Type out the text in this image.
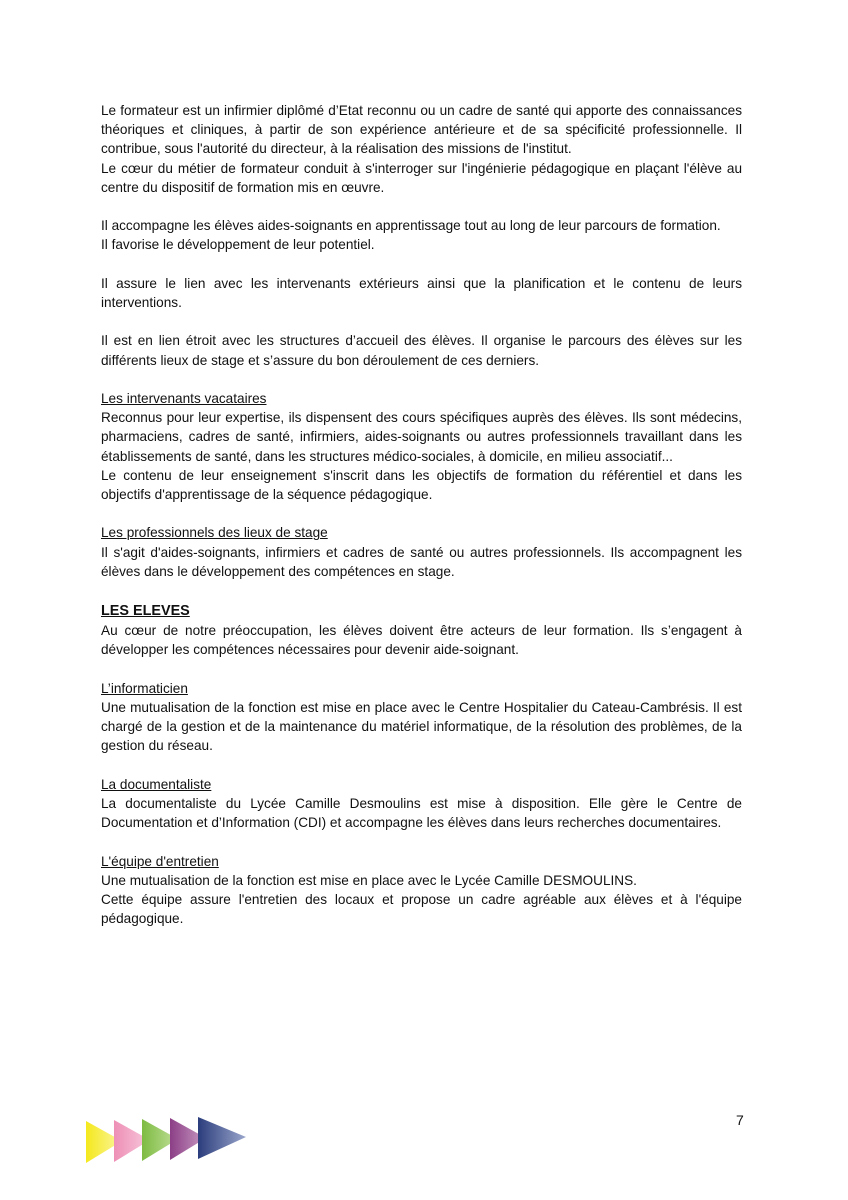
Le formateur est un infirmier diplômé d’Etat reconnu ou un cadre de santé qui apporte des connaissances théoriques et cliniques, à partir de son expérience antérieure et de sa spécificité professionnelle. Il contribue, sous l'autorité du directeur, à la réalisation des missions de l'institut.

Le cœur du métier de formateur conduit à s'interroger sur l'ingénierie pédagogique en plaçant l'élève au centre du dispositif de formation mis en œuvre.

Il accompagne les élèves aides-soignants en apprentissage tout au long de leur parcours de formation.

Il favorise le développement de leur potentiel.

Il assure le lien avec les intervenants extérieurs ainsi que la planification et le contenu de leurs interventions.

Il est en lien étroit avec les structures d’accueil des élèves. Il organise le parcours des élèves sur les différents lieux de stage et s’assure du bon déroulement de ces derniers.

Les intervenants vacataires

Reconnus pour leur expertise, ils dispensent des cours spécifiques auprès des élèves. Ils sont médecins, pharmaciens, cadres de santé, infirmiers, aides-soignants ou autres professionnels travaillant dans les établissements de santé, dans les structures médico-sociales, à domicile, en milieu associatif...

Le contenu de leur enseignement s'inscrit dans les objectifs de formation du référentiel et dans les objectifs d'apprentissage de la séquence pédagogique.

Les professionnels des lieux de stage

Il s'agit d'aides-soignants, infirmiers et cadres de santé ou autres professionnels. Ils accompagnent les élèves dans le développement des compétences en stage.

LES ELEVES

Au cœur de notre préoccupation, les élèves doivent être acteurs de leur formation. Ils s’engagent à développer les compétences nécessaires pour devenir aide-soignant.

L’informaticien

Une mutualisation de la fonction est mise en place avec le Centre Hospitalier du Cateau-Cambrésis. Il est chargé de la gestion et de la maintenance du matériel informatique, de la résolution des problèmes, de la gestion du réseau.

La documentaliste

La documentaliste du Lycée Camille Desmoulins est mise à disposition. Elle gère le Centre de Documentation et d’Information (CDI) et accompagne les élèves dans leurs recherches documentaires.

L'équipe d'entretien

Une mutualisation de la fonction est mise en place avec le Lycée Camille DESMOULINS.

Cette équipe assure l'entretien des locaux et propose un cadre agréable aux élèves et à l'équipe pédagogique.

7
